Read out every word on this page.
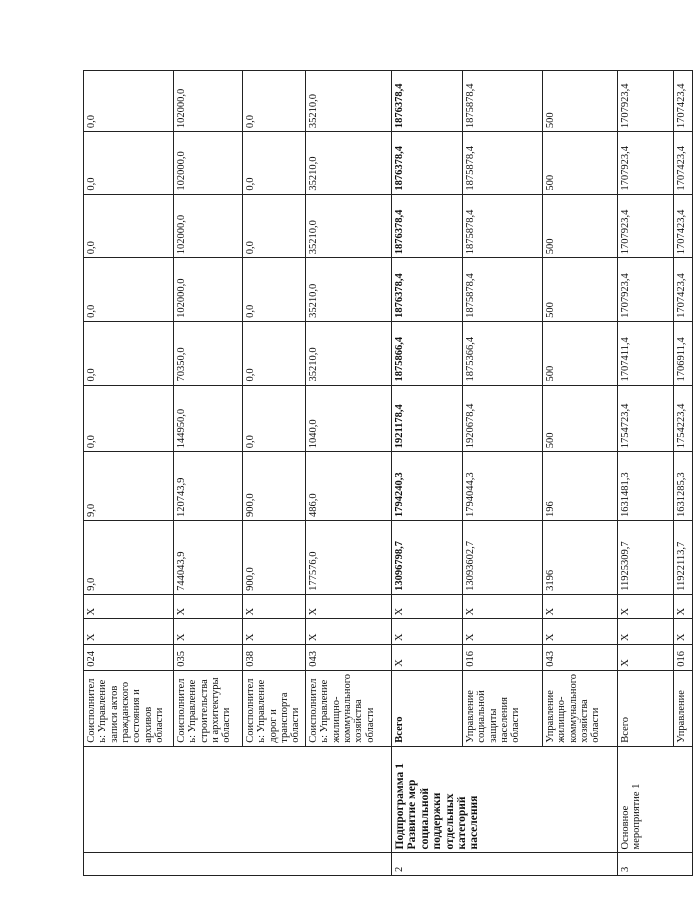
		Соисполнитель: Управление записи актов гражданского состояния и архивов области	024	X	X	9,0	9,0	0,0	0,0	0,0	0,0	0,0	0,0
		Соисполнитель: Управление строительства и архитектуры области	035	X	X	744043,9	120743,9	144950,0	70350,0	102000,0	102000,0	102000,0	102000,0
		Соисполнитель: Управление дорог и транспорта области	038	X	X	900,0	900,0	0,0	0,0	0,0	0,0	0,0	0,0
		Соисполнитель: Управление жилищно-коммунального хозяйства области	043	X	X	177576,0	486,0	1040,0	35210,0	35210,0	35210,0	35210,0	35210,0
2	Подпрограмма 1 Развитие мер социальной поддержки отдельных категорий населения	Всего	X	X	X	13096798,7	1794240,3	1921178,4	1875866,4	1876378,4	1876378,4	1876378,4	1876378,4
		Управление социальной защиты населения области	016	X	X	13093602,7	1794044,3	1920678,4	1875366,4	1875878,4	1875878,4	1875878,4	1875878,4
		Управление жилищно-коммунального хозяйства области	043	X	X	3196	196	500	500	500	500	500	500
3	Основное мероприятие 1	Всего	X	X	X	11925309,7	1631481,3	1754723,4	1707411,4	1707923,4	1707923,4	1707923,4	1707923,4
		Управление	016	X	X	11922113,7	1631285,3	1754223,4	1706911,4	1707423,4	1707423,4	1707423,4	1707423,4
